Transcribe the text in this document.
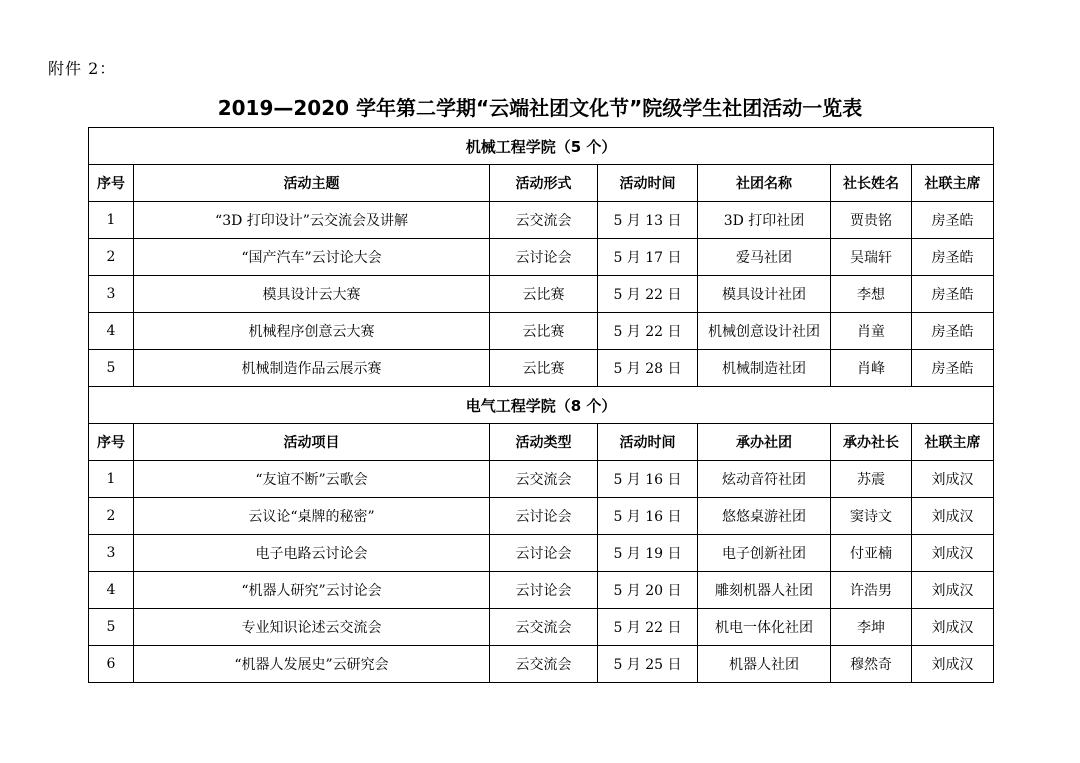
附件 2：
2019—2020 学年第二学期“云端社团文化节”院级学生社团活动一览表
机械工程学院（5 个）						
序号	活动主题	活动形式	活动时间	社团名称	社长姓名	社联主席
1	“3D 打印设计”云交流会及讲解	云交流会	5 月 13 日	3D 打印社团	贾贵铭	房圣皓
2	“国产汽车”云讨论大会	云讨论会	5 月 17 日	爱马社团	吴瑞轩	房圣皓
3	模具设计云大赛	云比赛	5 月 22 日	模具设计社团	李想	房圣皓
4	机械程序创意云大赛	云比赛	5 月 22 日	机械创意设计社团	肖童	房圣皓
5	机械制造作品云展示赛	云比赛	5 月 28 日	机械制造社团	肖峰	房圣皓
电气工程学院（8 个）						
序号	活动项目	活动类型	活动时间	承办社团	承办社长	社联主席
1	“友谊不断”云歌会	云交流会	5 月 16 日	炫动音符社团	苏震	刘成汉
2	云议论“桌牌的秘密”	云讨论会	5 月 16 日	悠悠桌游社团	窦诗文	刘成汉
3	电子电路云讨论会	云讨论会	5 月 19 日	电子创新社团	付亚楠	刘成汉
4	“机器人研究”云讨论会	云讨论会	5 月 20 日	雕刻机器人社团	许浩男	刘成汉
5	专业知识论述云交流会	云交流会	5 月 22 日	机电一体化社团	李坤	刘成汉
6	“机器人发展史”云研究会	云交流会	5 月 25 日	机器人社团	穆然奇	刘成汉
